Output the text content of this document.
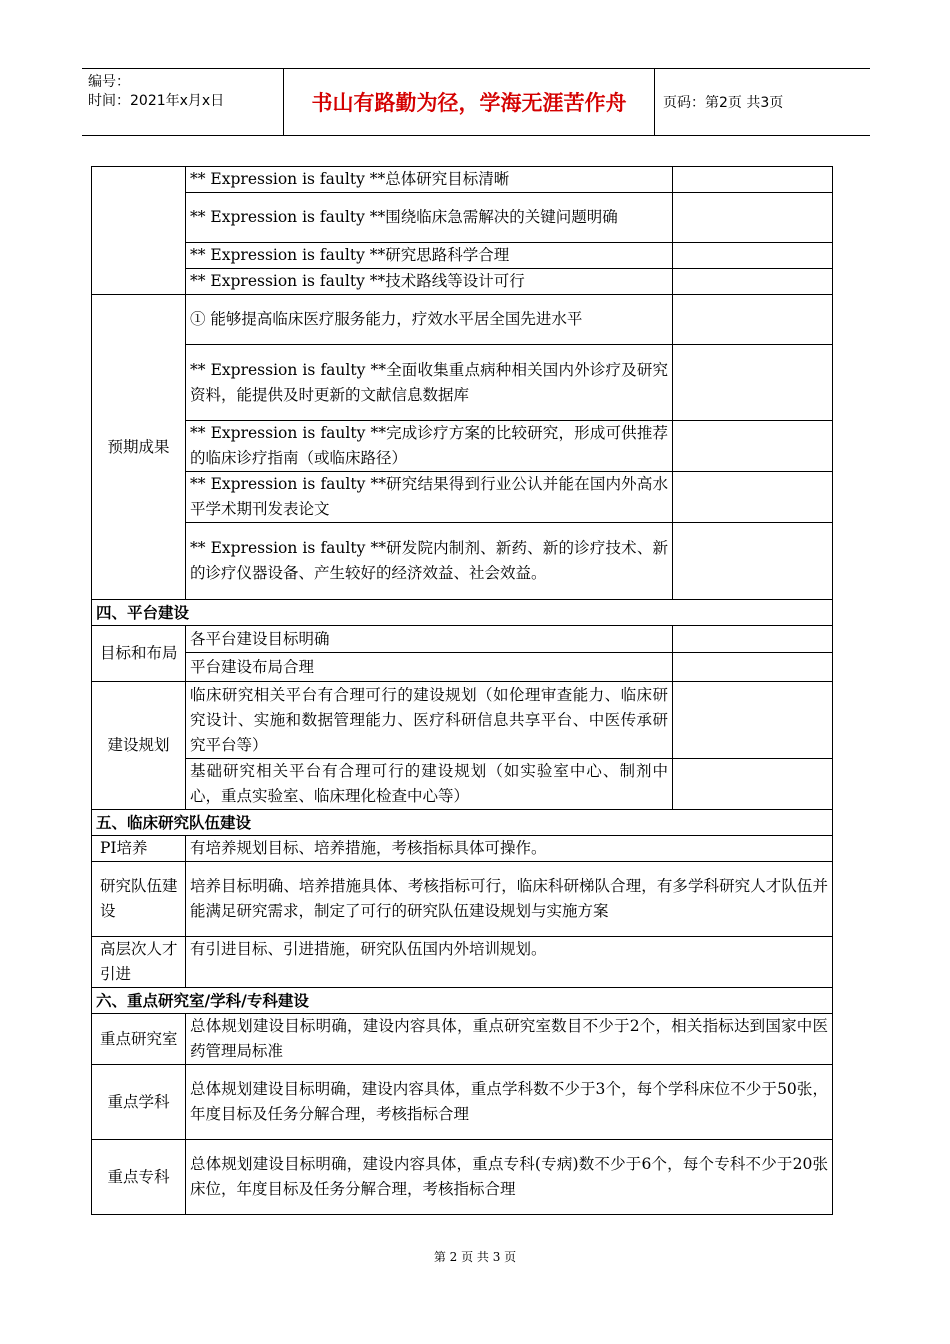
编号：
时间：2021年x月x日	书山有路勤为径，学海无涯苦作舟	页码：第2页 共3页
	** Expression is faulty **总体研究目标清晰	
	** Expression is faulty **围绕临床急需解决的关键问题明确	
	** Expression is faulty **研究思路科学合理	
	** Expression is faulty **技术路线等设计可行	
预期成果	① 能够提高临床医疗服务能力，疗效水平居全国先进水平	
	** Expression is faulty **全面收集重点病种相关国内外诊疗及研究资料，能提供及时更新的文献信息数据库	
	** Expression is faulty **完成诊疗方案的比较研究，形成可供推荐的临床诊疗指南（或临床路径）	
	** Expression is faulty **研究结果得到行业公认并能在国内外高水平学术期刊发表论文	
	** Expression is faulty **研发院内制剂、新药、新的诊疗技术、新的诊疗仪器设备、产生较好的经济效益、社会效益。	
四、平台建设		
目标和布局	各平台建设目标明确	
	平台建设布局合理	
建设规划	临床研究相关平台有合理可行的建设规划（如伦理审查能力、临床研究设计、实施和数据管理能力、医疗科研信息共享平台、中医传承研究平台等）	
	基础研究相关平台有合理可行的建设规划（如实验室中心、制剂中心，重点实验室、临床理化检查中心等）	
五、临床研究队伍建设		
PI培养	有培养规划目标、培养措施，考核指标具体可操作。	
研究队伍建设	培养目标明确、培养措施具体、考核指标可行，临床科研梯队合理，有多学科研究人才队伍并能满足研究需求，制定了可行的研究队伍建设规划与实施方案	
高层次人才引进	有引进目标、引进措施，研究队伍国内外培训规划。	
六、重点研究室/学科/专科建设		
重点研究室	总体规划建设目标明确，建设内容具体，重点研究室数目不少于2个，相关指标达到国家中医药管理局标准	
重点学科	总体规划建设目标明确，建设内容具体，重点学科数不少于3个，每个学科床位不少于50张，年度目标及任务分解合理，考核指标合理	
重点专科	总体规划建设目标明确，建设内容具体，重点专科(专病)数不少于6个，每个专科不少于20张床位，年度目标及任务分解合理，考核指标合理	
第 2 页 共 3 页
